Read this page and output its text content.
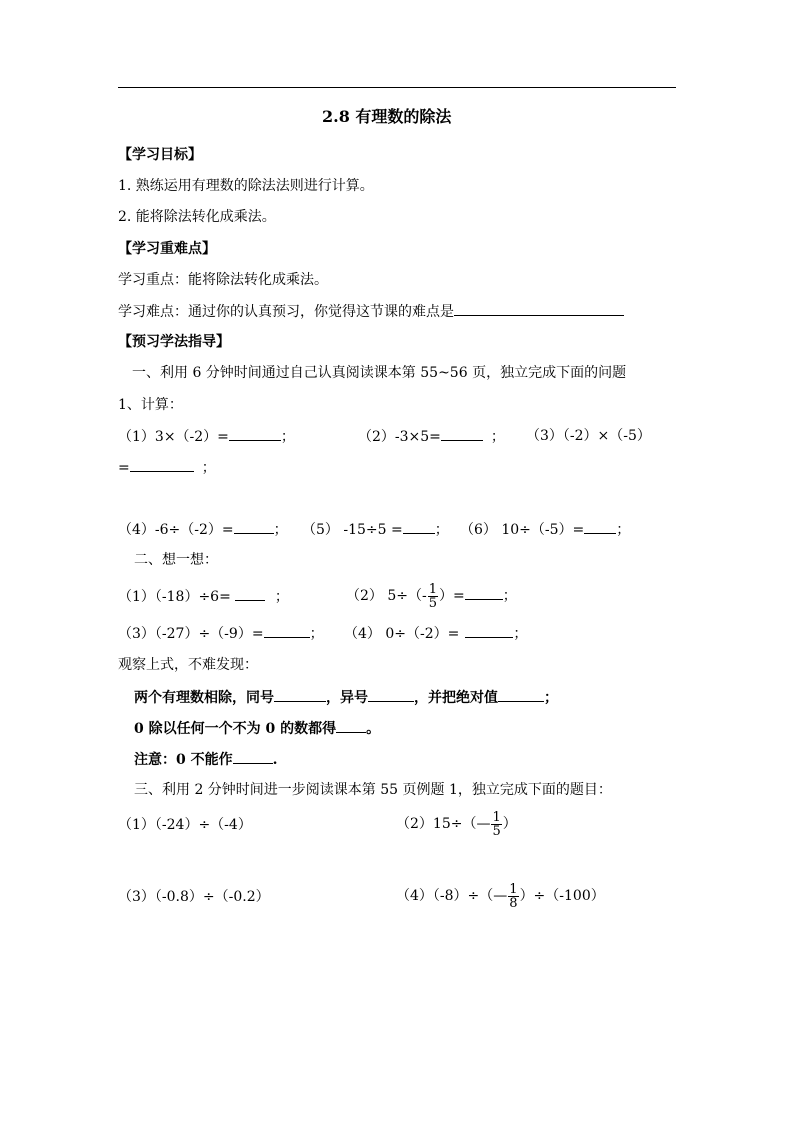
2.8 有理数的除法
【学习目标】
1. 熟练运用有理数的除法法则进行计算。
2. 能将除法转化成乘法。
【学习重难点】
学习重点：能将除法转化成乘法。
学习难点：通过你的认真预习，你觉得这节课的难点是
【预习学法指导】
一、利用 6 分钟时间通过自己认真阅读课本第 55~56 页，独立完成下面的问题
1、计算：
（1）3×（-2）=	；	（2）-3×5=	； （3）（-2）×（-5）
=	；
（4）-6÷（-2）=	； （5） -15÷5 = ； （6） 10÷（-5）= ；
二、想一想：
（1）（-18）÷6=	；	（2） $5\div(- \frac{1}{5}$ ）=	；
（3）（-27）÷（-9）=	； （4） 0÷（-2）=	；
观察上式，不难发现：
两个有理数相除，同号	，异号	，并把绝对值	；
0 除以任何一个不为 0 的数都得 。
注意：0 不能作	.
三、利用 2 分钟时间进一步阅读课本第 55 页例题 1，独立完成下面的题目：
（1）（-24）÷（-4）	（2）15÷（— $\frac{1}{5}$ ）
（3）（-0.8）÷（-0.2）	（4）（-8）÷（— $\frac{1}{8} )\div(-100)$
